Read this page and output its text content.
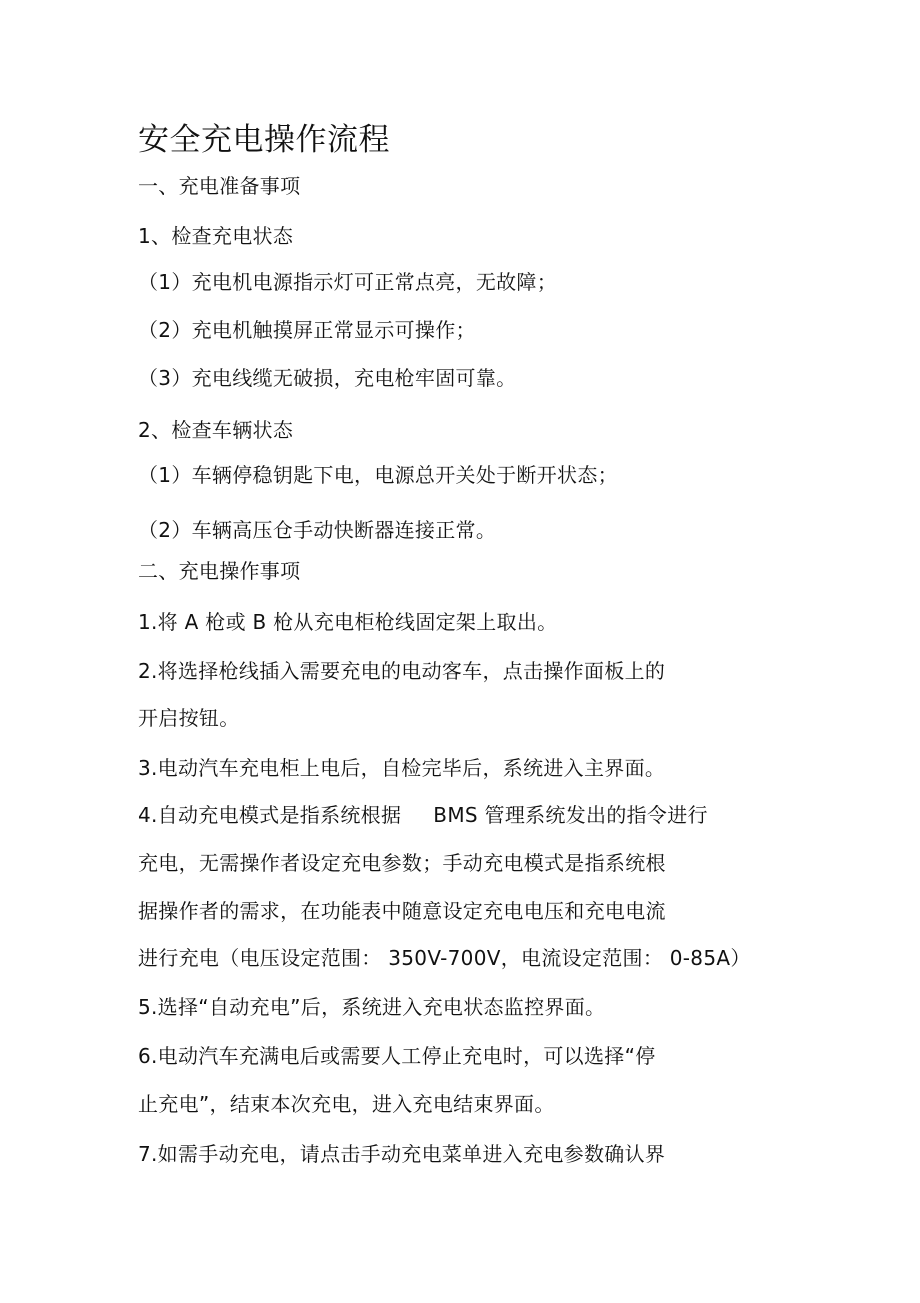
安全充电操作流程
一、充电准备事项
1、检查充电状态
（1）充电机电源指示灯可正常点亮，无故障；
（2）充电机触摸屏正常显示可操作；
（3）充电线缆无破损，充电枪牢固可靠。
2、检查车辆状态
（1）车辆停稳钥匙下电，电源总开关处于断开状态；
（2）车辆高压仓手动快断器连接正常。
二、充电操作事项
1.将 A 枪或 B 枪从充电柜枪线固定架上取出。
2.将选择枪线插入需要充电的电动客车，点击操作面板上的
开启按钮。
3.电动汽车充电柜上电后，自检完毕后，系统进入主界面。
4.自动充电模式是指系统根据 BMS 管理系统发出的指令进行
充电，无需操作者设定充电参数；手动充电模式是指系统根
据操作者的需求，在功能表中随意设定充电电压和充电电流
进行充电（电压设定范围： 350V-700V，电流设定范围： 0-85A）
5.选择“自动充电”后，系统进入充电状态监控界面。
6.电动汽车充满电后或需要人工停止充电时，可以选择“停
止充电”，结束本次充电，进入充电结束界面。
7.如需手动充电，请点击手动充电菜单进入充电参数确认界
